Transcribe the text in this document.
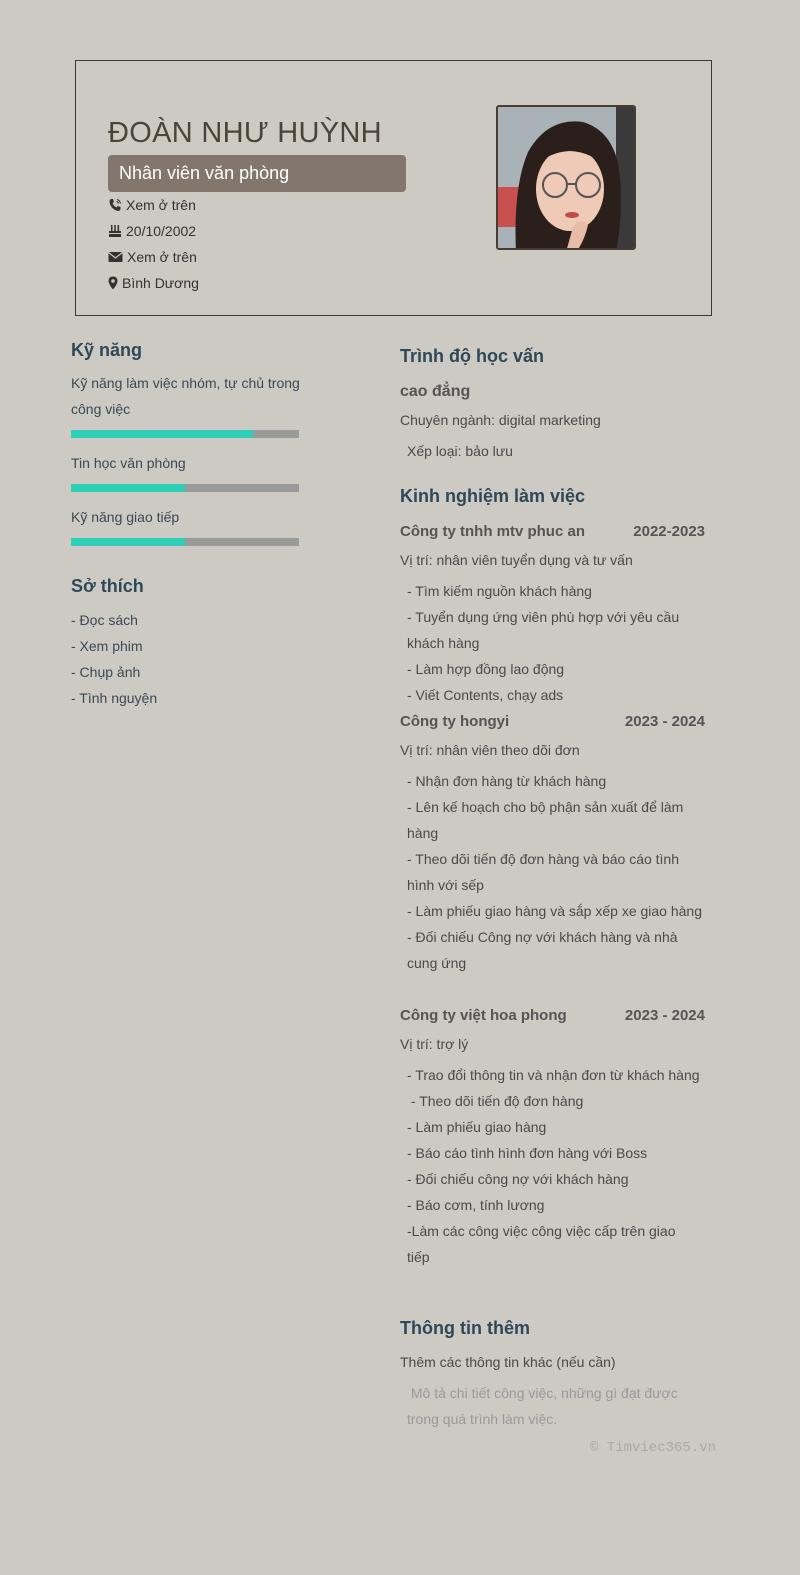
ĐOÀN NHƯ HUỲNH
Nhân viên văn phòng
Xem ở trên
20/10/2002
Xem ở trên
Bình Dương
Kỹ năng
Kỹ năng làm việc nhóm, tự chủ trong
công việc
Tin học văn phòng
Kỹ năng giao tiếp
Sở thích
- Đọc sách
- Xem phim
- Chụp ảnh
- Tình nguyện
Trình độ học vấn
cao đẳng
Chuyên ngành: digital marketing
Xếp loại: bảo lưu
Kinh nghiệm làm việc
Công ty tnhh mtv phuc an	2022-2023
Vị trí: nhân viên tuyển dụng và tư vấn
- Tìm kiếm nguồn khách hàng
- Tuyển dụng ứng viên phù hợp với yêu cầu
khách hàng
- Làm hợp đồng lao động
- Viết Contents, chạy ads
Công ty hongyi	2023 - 2024
Vị trí: nhân viên theo dõi đơn
- Nhận đơn hàng từ khách hàng
- Lên kế hoạch cho bộ phận sản xuất để làm
hàng
- Theo dõi tiến độ đơn hàng và báo cáo tình
hình với sếp
- Làm phiếu giao hàng và sắp xếp xe giao hàng
- Đối chiếu Công nợ với khách hàng và nhà
cung ứng
Công ty việt hoa phong	2023 - 2024
Vị trí: trợ lý
- Trao đổi thông tin và nhận đơn từ khách hàng
- Theo dõi tiến độ đơn hàng
- Làm phiếu giao hàng
- Báo cáo tình hình đơn hàng với Boss
- Đối chiếu công nợ với khách hàng
- Báo cơm, tính lương
-Làm các công việc công việc cấp trên giao
tiếp
Thông tin thêm
Thêm các thông tin khác (nếu cần)
Mô tả chi tiết công việc, những gì đạt được
trong quá trình làm việc.
© Timviec365.vn
